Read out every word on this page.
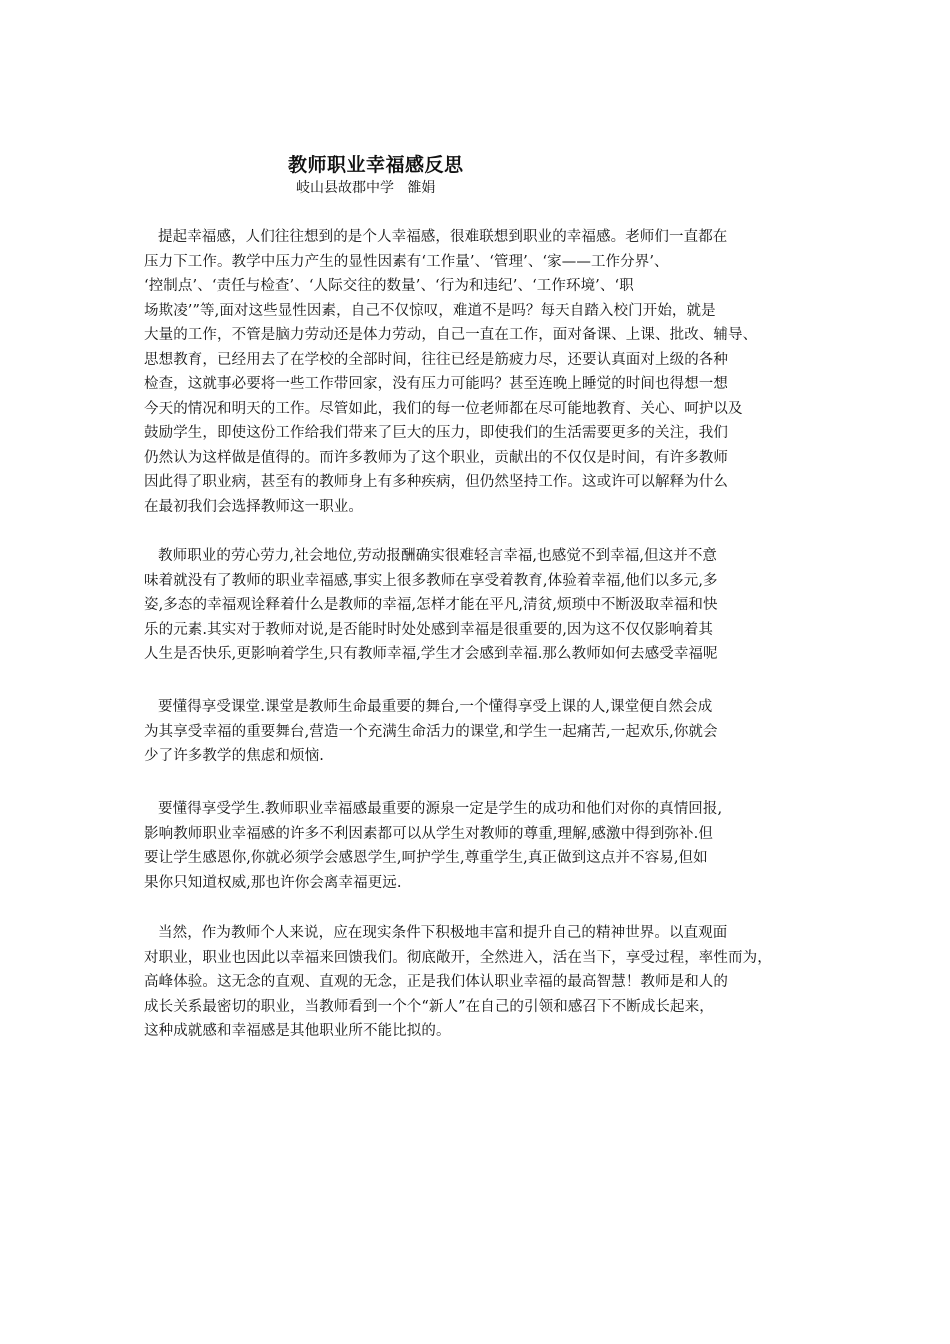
教师职业幸福感反思
岐山县故郡中学   雒娟
提起幸福感，人们往往想到的是个人幸福感，很难联想到职业的幸福感。老师们一直都在
压力下工作。教学中压力产生的显性因素有‘工作量’、‘管理’、‘家——工作分界’、
‘控制点’、‘责任与检查’、‘人际交往的数量’、‘行为和违纪’、‘工作环境’、‘职
场欺凌’”等,面对这些显性因素，自己不仅惊叹，难道不是吗？每天自踏入校门开始，就是
大量的工作，不管是脑力劳动还是体力劳动，自己一直在工作，面对备课、上课、批改、辅导、
思想教育，已经用去了在学校的全部时间，往往已经是筋疲力尽，还要认真面对上级的各种
检查，这就事必要将一些工作带回家，没有压力可能吗？甚至连晚上睡觉的时间也得想一想
今天的情况和明天的工作。尽管如此，我们的每一位老师都在尽可能地教育、关心、呵护以及
鼓励学生，即使这份工作给我们带来了巨大的压力，即使我们的生活需要更多的关注，我们
仍然认为这样做是值得的。而许多教师为了这个职业，贡献出的不仅仅是时间，有许多教师
因此得了职业病，甚至有的教师身上有多种疾病，但仍然坚持工作。这或许可以解释为什么
在最初我们会选择教师这一职业。
教师职业的劳心劳力,社会地位,劳动报酬确实很难轻言幸福,也感觉不到幸福,但这并不意
味着就没有了教师的职业幸福感,事实上很多教师在享受着教育,体验着幸福,他们以多元,多
姿,多态的幸福观诠释着什么是教师的幸福,怎样才能在平凡,清贫,烦琐中不断汲取幸福和快
乐的元素.其实对于教师对说,是否能时时处处感到幸福是很重要的,因为这不仅仅影响着其
人生是否快乐,更影响着学生,只有教师幸福,学生才会感到幸福.那么教师如何去感受幸福呢
要懂得享受课堂.课堂是教师生命最重要的舞台,一个懂得享受上课的人,课堂便自然会成
为其享受幸福的重要舞台,营造一个充满生命活力的课堂,和学生一起痛苦,一起欢乐,你就会
少了许多教学的焦虑和烦恼.
要懂得享受学生.教师职业幸福感最重要的源泉一定是学生的成功和他们对你的真情回报,
影响教师职业幸福感的许多不利因素都可以从学生对教师的尊重,理解,感激中得到弥补.但
要让学生感恩你,你就必须学会感恩学生,呵护学生,尊重学生,真正做到这点并不容易,但如
果你只知道权威,那也许你会离幸福更远.
当然，作为教师个人来说，应在现实条件下积极地丰富和提升自己的精神世界。以直观面
对职业，职业也因此以幸福来回馈我们。彻底敞开，全然进入，活在当下，享受过程，率性而为，
高峰体验。这无念的直观、直观的无念，正是我们体认职业幸福的最高智慧！教师是和人的
成长关系最密切的职业，当教师看到一个个“新人”在自己的引领和感召下不断成长起来，
这种成就感和幸福感是其他职业所不能比拟的。
